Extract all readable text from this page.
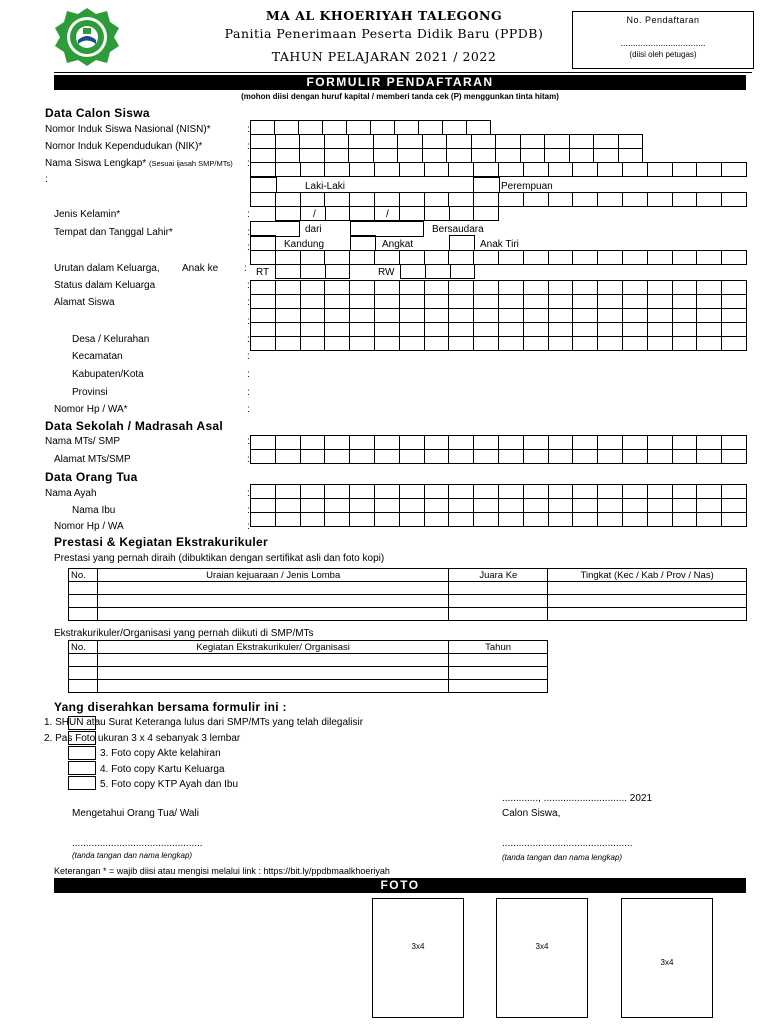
MA AL KHOERIYAH TALEGONG
Panitia Penerimaan Peserta Didik Baru (PPDB)
TAHUN PELAJARAN 2021 / 2022
No. Pendaftaran
..................................
(diisi oleh petugas)
FORMULIR PENDAFTARAN
(mohon diisi dengan huruf kapital / memberi tanda cek (P) menggunkan tinta hitam)
Data Calon Siswa
Nomor Induk Siswa Nasional (NISN)*	:
Nomor Induk Kependudukan (NIK)*	:
Nama Siswa Lengkap* (Sesuai ijasah SMP/MTs) :
:
Laki-Laki	Perempuan
Jenis Kelamin*	:	/	/
Tempat dan Tanggal Lahir*	:	dari	Bersaudara
:	Kandung	Angkat	Anak Tiri
Urutan dalam Keluarga, Anak ke	: RT	RW
Status dalam Keluarga	:
Alamat Siswa	:
:
Desa / Kelurahan	:
Kecamatan	:
Kabupaten/Kota	:
Provinsi	:
Nomor Hp / WA*	:
Data Sekolah / Madrasah Asal
Nama MTs/ SMP	:
Alamat MTs/SMP	:
Data Orang Tua
Nama Ayah	:
Nama Ibu	:
Nomor Hp / WA	:
Prestasi & Kegiatan Ekstrakurikuler
Prestasi yang pernah diraih (dibuktikan dengan sertifikat asli dan foto kopi)
No.	Uraian kejuaraan / Jenis Lomba	Juara Ke	Tingkat (Kec / Kab / Prov / Nas)

Ekstrakurikuler/Organisasi yang pernah diikuti di SMP/MTs
No.	Kegiatan Ekstrakurikuler/ Organisasi	Tahun

Yang diserahkan bersama formulir ini :
1. SHUN atau Surat Keteranga lulus dari SMP/MTs yang telah dilegalisir
2. Pas Foto ukuran 3 x 4 sebanyak 3 lembar
3. Foto copy Akte kelahiran
4. Foto copy Kartu Keluarga
5. Foto copy KTP Ayah dan Ibu
............., .............................. 2021
Mengetahui Orang Tua/ Wali	Calon Siswa,
...............................................	...............................................
(tanda tangan dan nama lengkap)	(tanda tangan dan nama lengkap)
Keterangan * = wajib diisi atau mengisi melalui link : https://bit.ly/ppdbmaalkhoeriyah
FOTO
3x4	3x4
3x4
